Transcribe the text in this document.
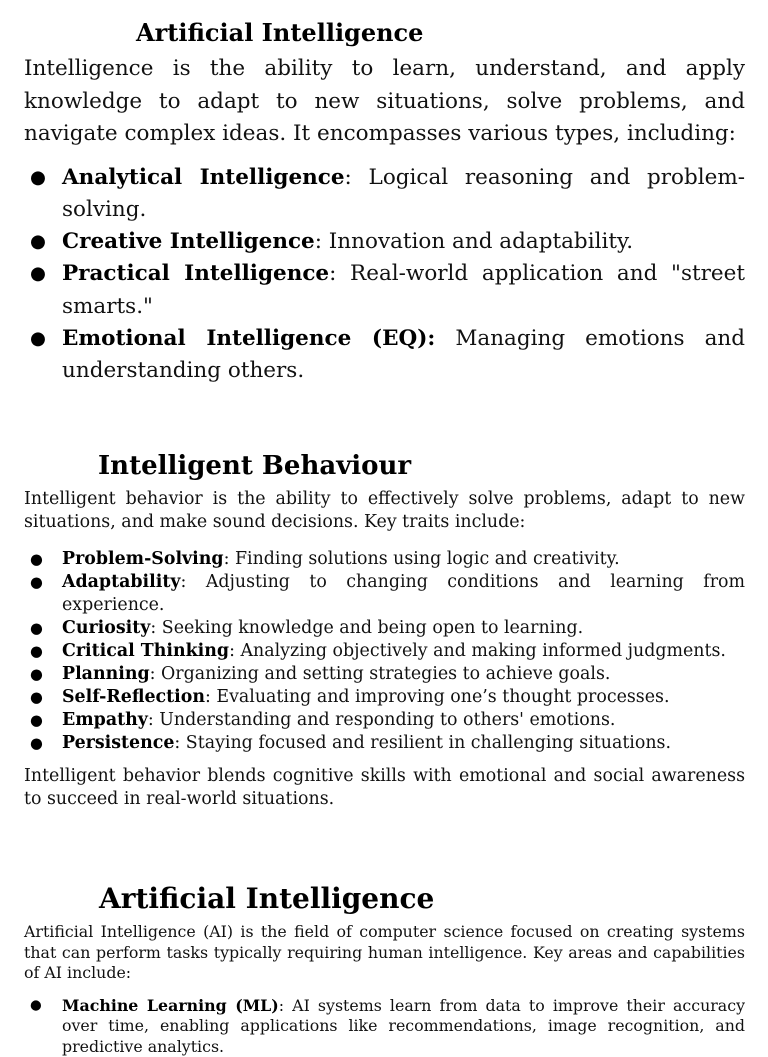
Artificial Intelligence

Intelligence is the ability to learn, understand, and apply knowledge to adapt to new situations, solve problems, and navigate complex ideas. It encompasses various types, including:

● Analytical Intelligence: Logical reasoning and problem-solving.
● Creative Intelligence: Innovation and adaptability.
● Practical Intelligence: Real-world application and "street smarts."
● Emotional Intelligence (EQ): Managing emotions and understanding others.
Intelligent Behaviour

Intelligent behavior is the ability to effectively solve problems, adapt to new situations, and make sound decisions. Key traits include:

● Problem-Solving: Finding solutions using logic and creativity.
● Adaptability: Adjusting to changing conditions and learning from experience.
● Curiosity: Seeking knowledge and being open to learning.
● Critical Thinking: Analyzing objectively and making informed judgments.
● Planning: Organizing and setting strategies to achieve goals.
● Self-Reflection: Evaluating and improving one’s thought processes.
● Empathy: Understanding and responding to others' emotions.
● Persistence: Staying focused and resilient in challenging situations.

Intelligent behavior blends cognitive skills with emotional and social awareness to succeed in real-world situations.

Artificial Intelligence

Artificial Intelligence (AI) is the field of computer science focused on creating systems that can perform tasks typically requiring human intelligence. Key areas and capabilities of AI include:

● Machine Learning (ML): AI systems learn from data to improve their accuracy over time, enabling applications like recommendations, image recognition, and predictive analytics.
